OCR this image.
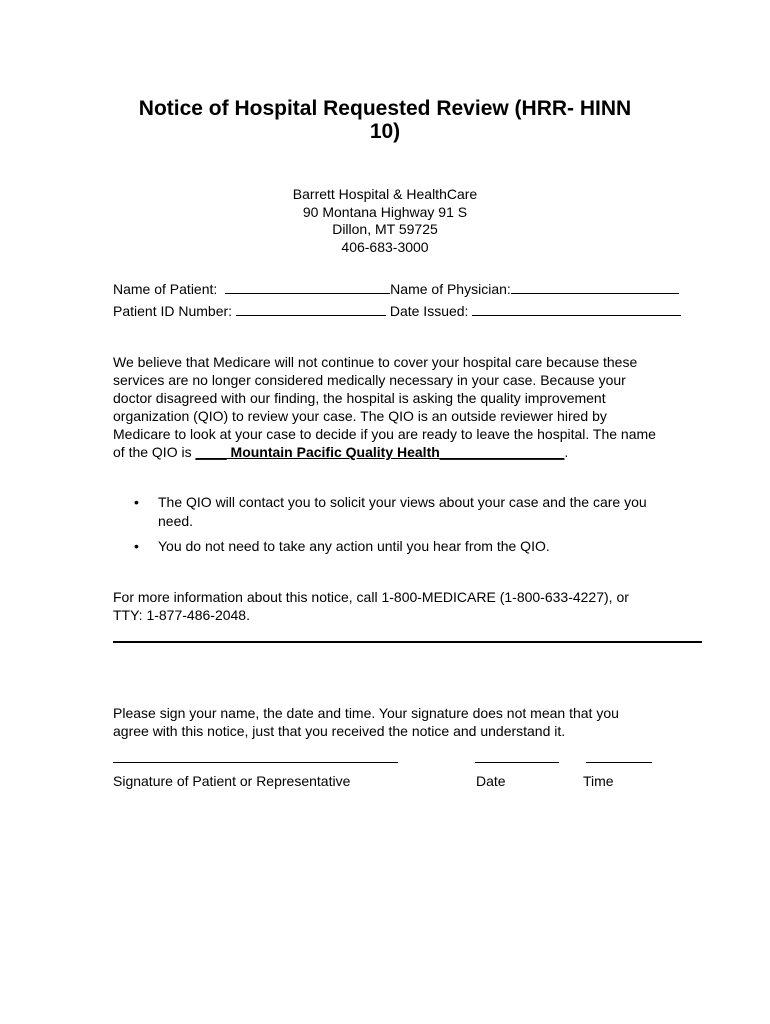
Notice of Hospital Requested Review (HRR- HINN
10)
Barrett Hospital & HealthCare
90 Montana Highway 91 S
Dillon, MT 59725
406-683-3000
Name of Patient:	Name of Physician:
Patient ID Number:	Date Issued:
We believe that Medicare will not continue to cover your hospital care because these
services are no longer considered medically necessary in your case. Because your
doctor disagreed with our finding, the hospital is asking the quality improvement
organization (QIO) to review your case. The QIO is an outside reviewer hired by
Medicare to look at your case to decide if you are ready to leave the hospital. The name
of the QIO is ____ Mountain Pacific Quality Health________________.
• The QIO will contact you to solicit your views about your case and the care you
need.
• You do not need to take any action until you hear from the QIO.
For more information about this notice, call 1-800-MEDICARE (1-800-633-4227), or
TTY: 1-877-486-2048.
Please sign your name, the date and time. Your signature does not mean that you
agree with this notice, just that you received the notice and understand it.
Signature of Patient or Representative	Date	Time
